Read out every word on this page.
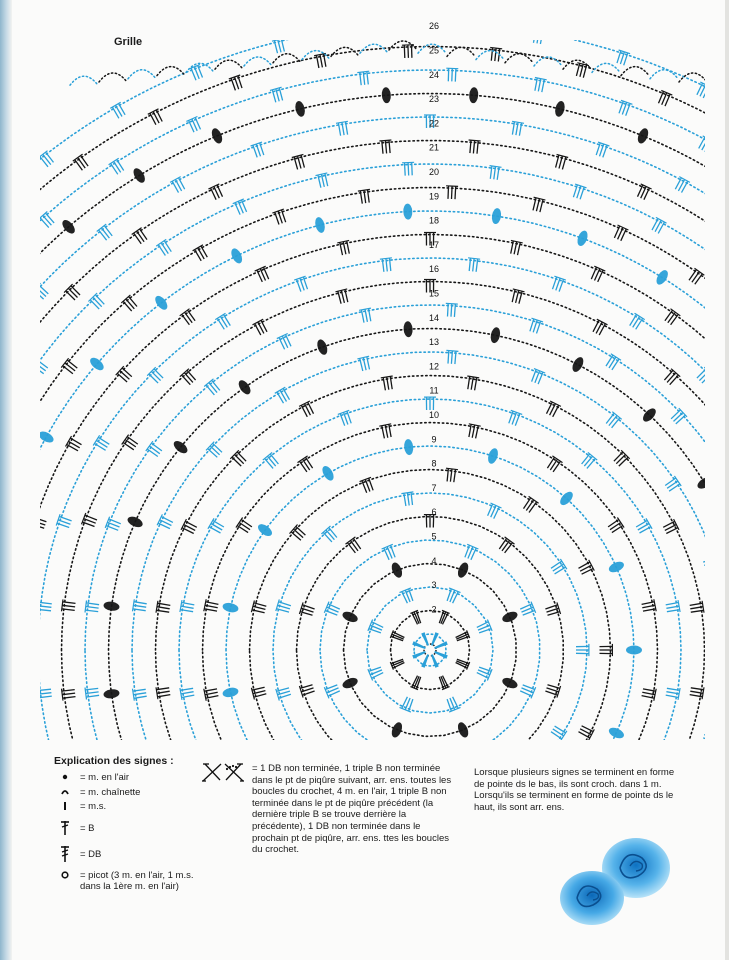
Grille
2
3
4
5
6
7
8
9
10
11
12
13
14
15
16
17
18
19
20
21
22
23
24
25
26
Explication des signes :
= m. en l'air
= m. chaînette
= m.s.
= B
= DB
= picot (3 m. en l'air, 1 m.s. dans la 1ère m. en l'air)
= 1 DB non terminée, 1 triple B non terminée dans le pt de piqûre suivant, arr. ens. toutes les boucles du crochet, 4 m. en l'air, 1 triple B non terminée dans le pt de piqûre précédent (la dernière triple B se trouve derrière la précédente), 1 DB non terminée dans le prochain pt de piqûre, arr. ens. ttes les boucles du crochet.
Lorsque plusieurs signes se terminent en forme de pointe ds le bas, ils sont croch. dans 1 m. Lorsqu'ils se terminent en forme de pointe ds le haut, ils sont arr. ens.
